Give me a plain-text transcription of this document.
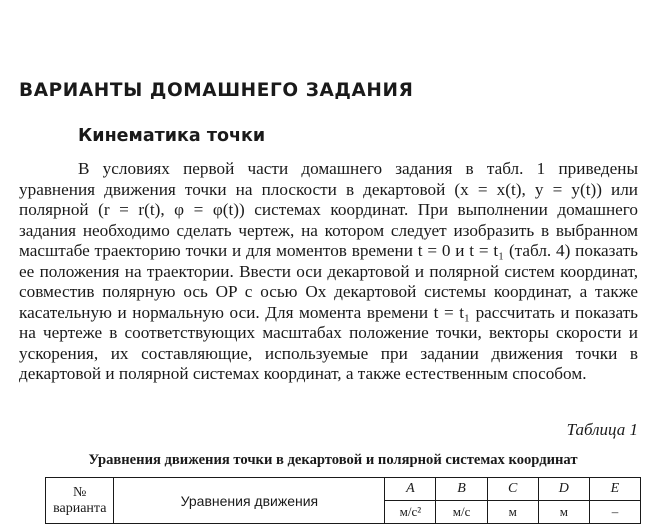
ВАРИАНТЫ ДОМАШНЕГО ЗАДАНИЯ
Кинематика точки

В условиях первой части домашнего задания в табл. 1 приведены уравнения движения точки на плоскости в декартовой (x = x(t), y = y(t)) или полярной (r = r(t), φ = φ(t)) системах координат. При выполнении домашнего задания необходимо сделать чертеж, на котором следует изобразить в выбранном масштабе траекторию точки и для моментов времени t = 0 и t = t₁ (табл. 4) показать ее положения на траектории. Ввести оси декартовой и полярной систем координат, совместив полярную ось OP с осью Ox декартовой системы координат, а также касательную и нормальную оси. Для момента времени t = t₁ рассчитать и показать на чертеже в соответствующих масштабах положение точки, векторы скорости и ускорения, их составляющие, используемые при задании движения точки в декартовой и полярной системах координат, а также естественным способом.

Таблица 1

Уравнения движения точки в декартовой и полярной системах координат

№ варианта	Уравнения движения	A	B	C	D	E
		м/с²	м/с	м	м	–
